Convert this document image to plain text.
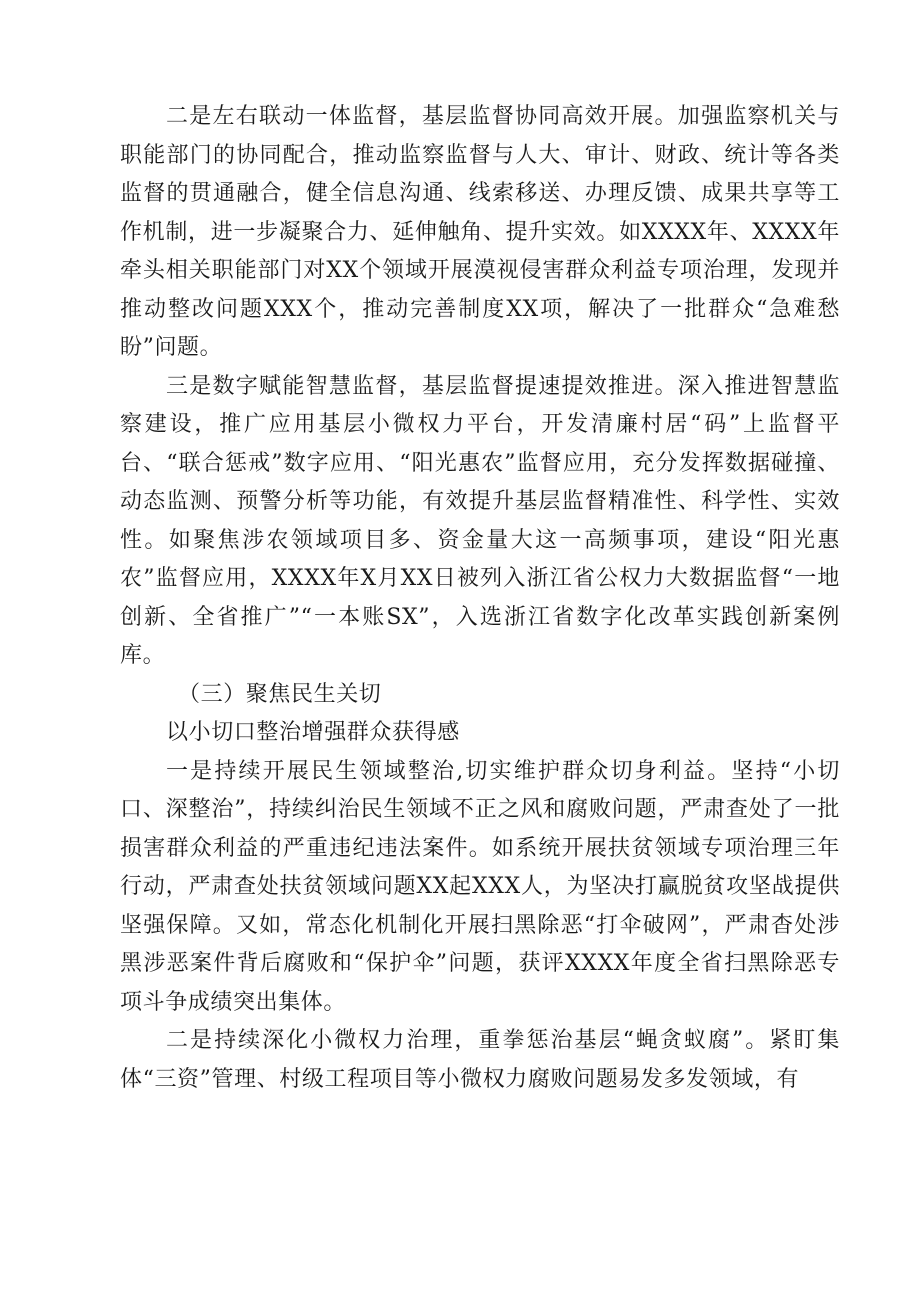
二是左右联动一体监督，基层监督协同高效开展。加强监察机关与职能部门的协同配合，推动监察监督与人大、审计、财政、统计等各类监督的贯通融合，健全信息沟通、线索移送、办理反馈、成果共享等工作机制，进一步凝聚合力、延伸触角、提升实效。如XXXX年、XXXX年牵头相关职能部门对XX个领域开展漠视侵害群众利益专项治理，发现并推动整改问题XXX个，推动完善制度XX项，解决了一批群众“急难愁盼”问题。

三是数字赋能智慧监督，基层监督提速提效推进。深入推进智慧监察建设，推广应用基层小微权力平台，开发清廉村居“码”上监督平台、“联合惩戒”数字应用、“阳光惠农”监督应用，充分发挥数据碰撞、动态监测、预警分析等功能，有效提升基层监督精准性、科学性、实效性。如聚焦涉农领域项目多、资金量大这一高频事项，建设“阳光惠农”监督应用，XXXX年X月XX日被列入浙江省公权力大数据监督“一地创新、全省推广”“一本账SX”，入选浙江省数字化改革实践创新案例库。

（三）聚焦民生关切

以小切口整治增强群众获得感

一是持续开展民生领域整治,切实维护群众切身利益。坚持“小切口、深整治”，持续纠治民生领域不正之风和腐败问题，严肃查处了一批损害群众利益的严重违纪违法案件。如系统开展扶贫领域专项治理三年行动，严肃查处扶贫领域问题XX起XXX人，为坚决打赢脱贫攻坚战提供坚强保障。又如，常态化机制化开展扫黑除恶“打伞破网”，严肃杳处涉黑涉恶案件背后腐败和“保护伞”问题，获评XXXX年度全省扫黑除恶专项斗争成绩突出集体。

二是持续深化小微权力治理，重拳惩治基层“蝇贪蚁腐”。紧盯集体“三资”管理、村级工程项目等小微权力腐败问题易发多发领域，有
